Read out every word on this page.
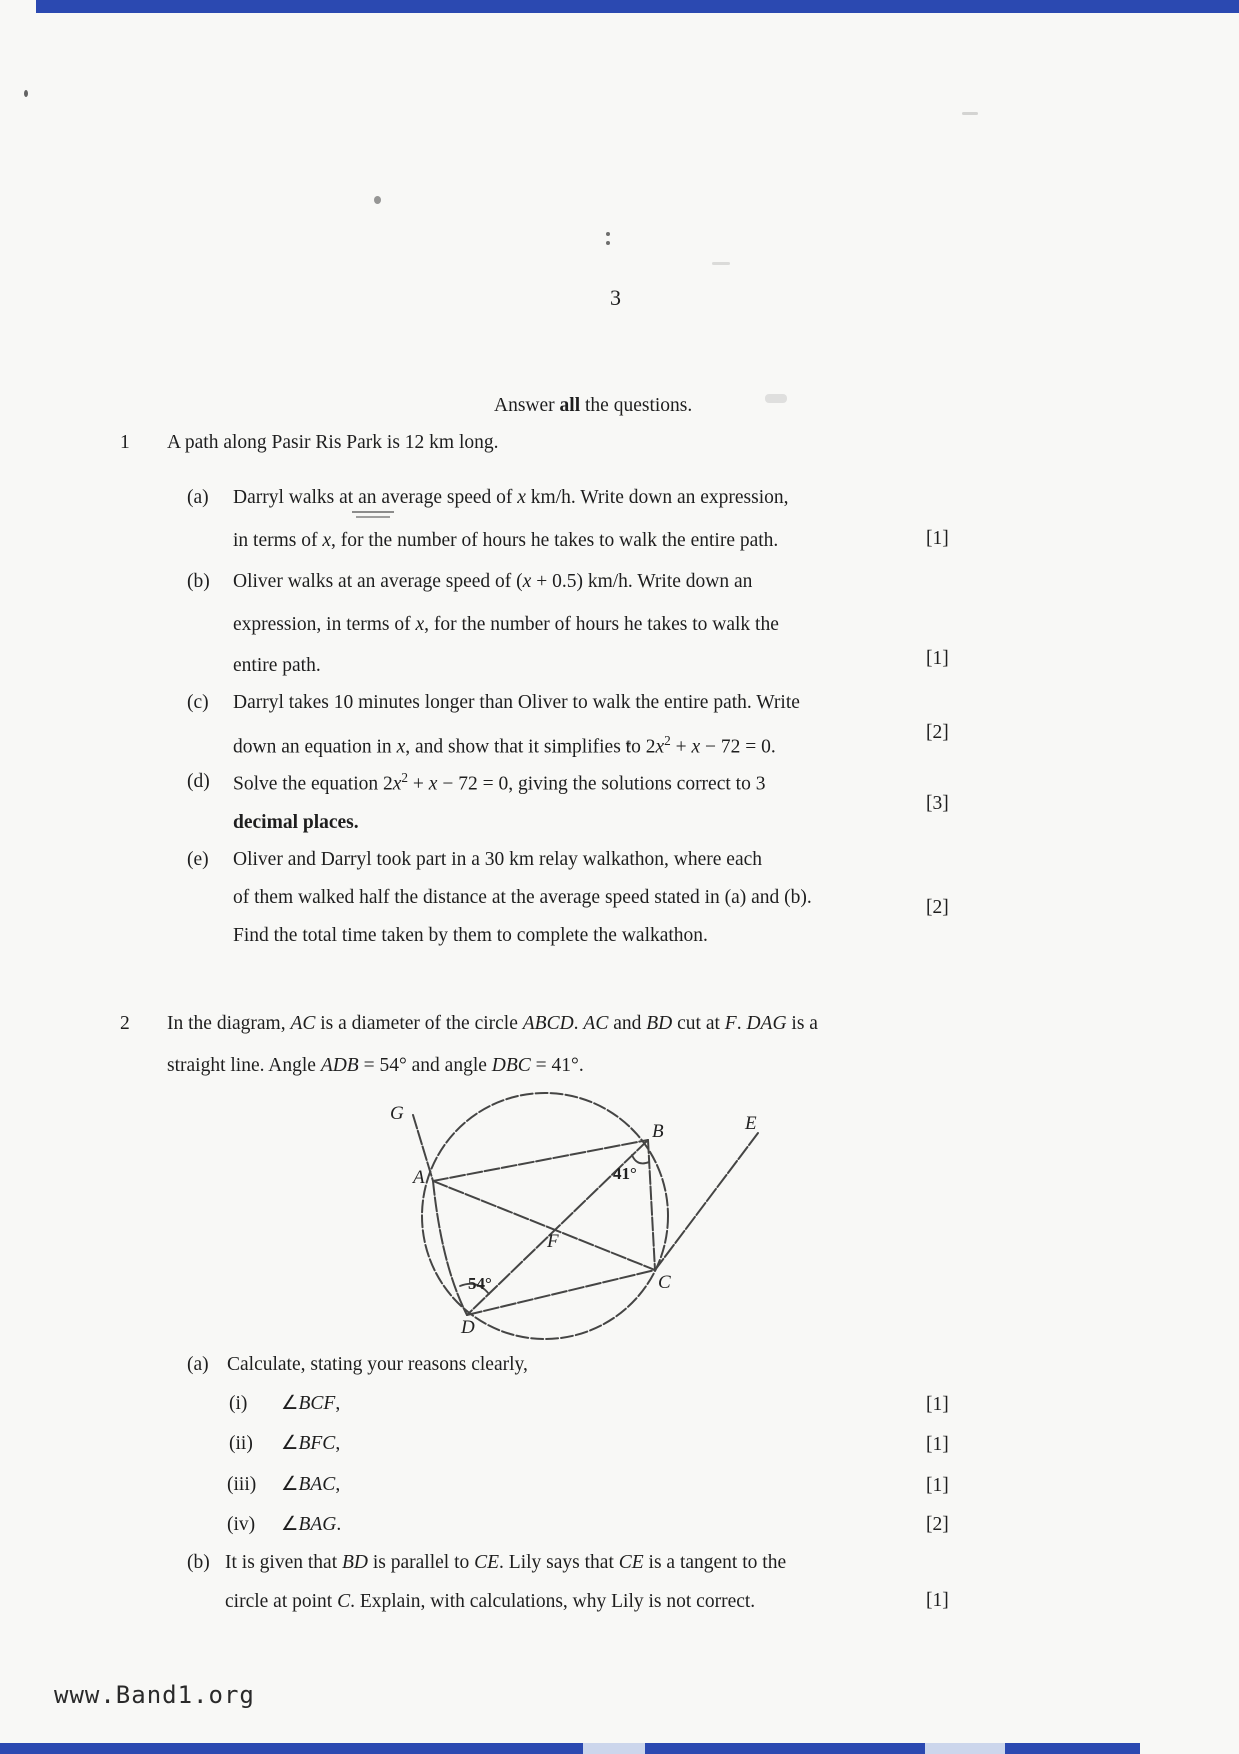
3
Answer all the questions.
1 A path along Pasir Ris Park is 12 km long.
(a) Darryl walks at an average speed of x km/h. Write down an expression,
in terms of x, for the number of hours he takes to walk the entire path.	[1]
(b) Oliver walks at an average speed of (x + 0.5) km/h. Write down an
expression, in terms of x, for the number of hours he takes to walk the
entire path.	[1]
(c) Darryl takes 10 minutes longer than Oliver to walk the entire path. Write
down an equation in x, and show that it simplifies to $2x^2 + x - 72 = 0$.
[2]
(d) Solve the equation $2x^2 + x - 72 = 0$, giving the solutions correct to 3
decimal places.
[3]
(e) Oliver and Darryl took part in a 30 km relay walkathon, where each
of them walked half the distance at the average speed stated in (a) and (b).
Find the total time taken by them to complete the walkathon.
[2]
2 In the diagram, AC is a diameter of the circle ABCD. AC and BD cut at F. DAG is a
straight line. Angle ADB = 54° and angle DBC = 41°.
G
A
B	E
F
C
D
41°
54°
(a) Calculate, stating your reasons clearly,
(i) ∠BCF,	[1]
(ii) ∠BFC,	[1]
(iii) ∠BAC,	[1]
(iv) ∠BAG.	[2]
(b) It is given that BD is parallel to CE. Lily says that CE is a tangent to the
circle at point C. Explain, with calculations, why Lily is not correct.	[1]
www.Band1.org
